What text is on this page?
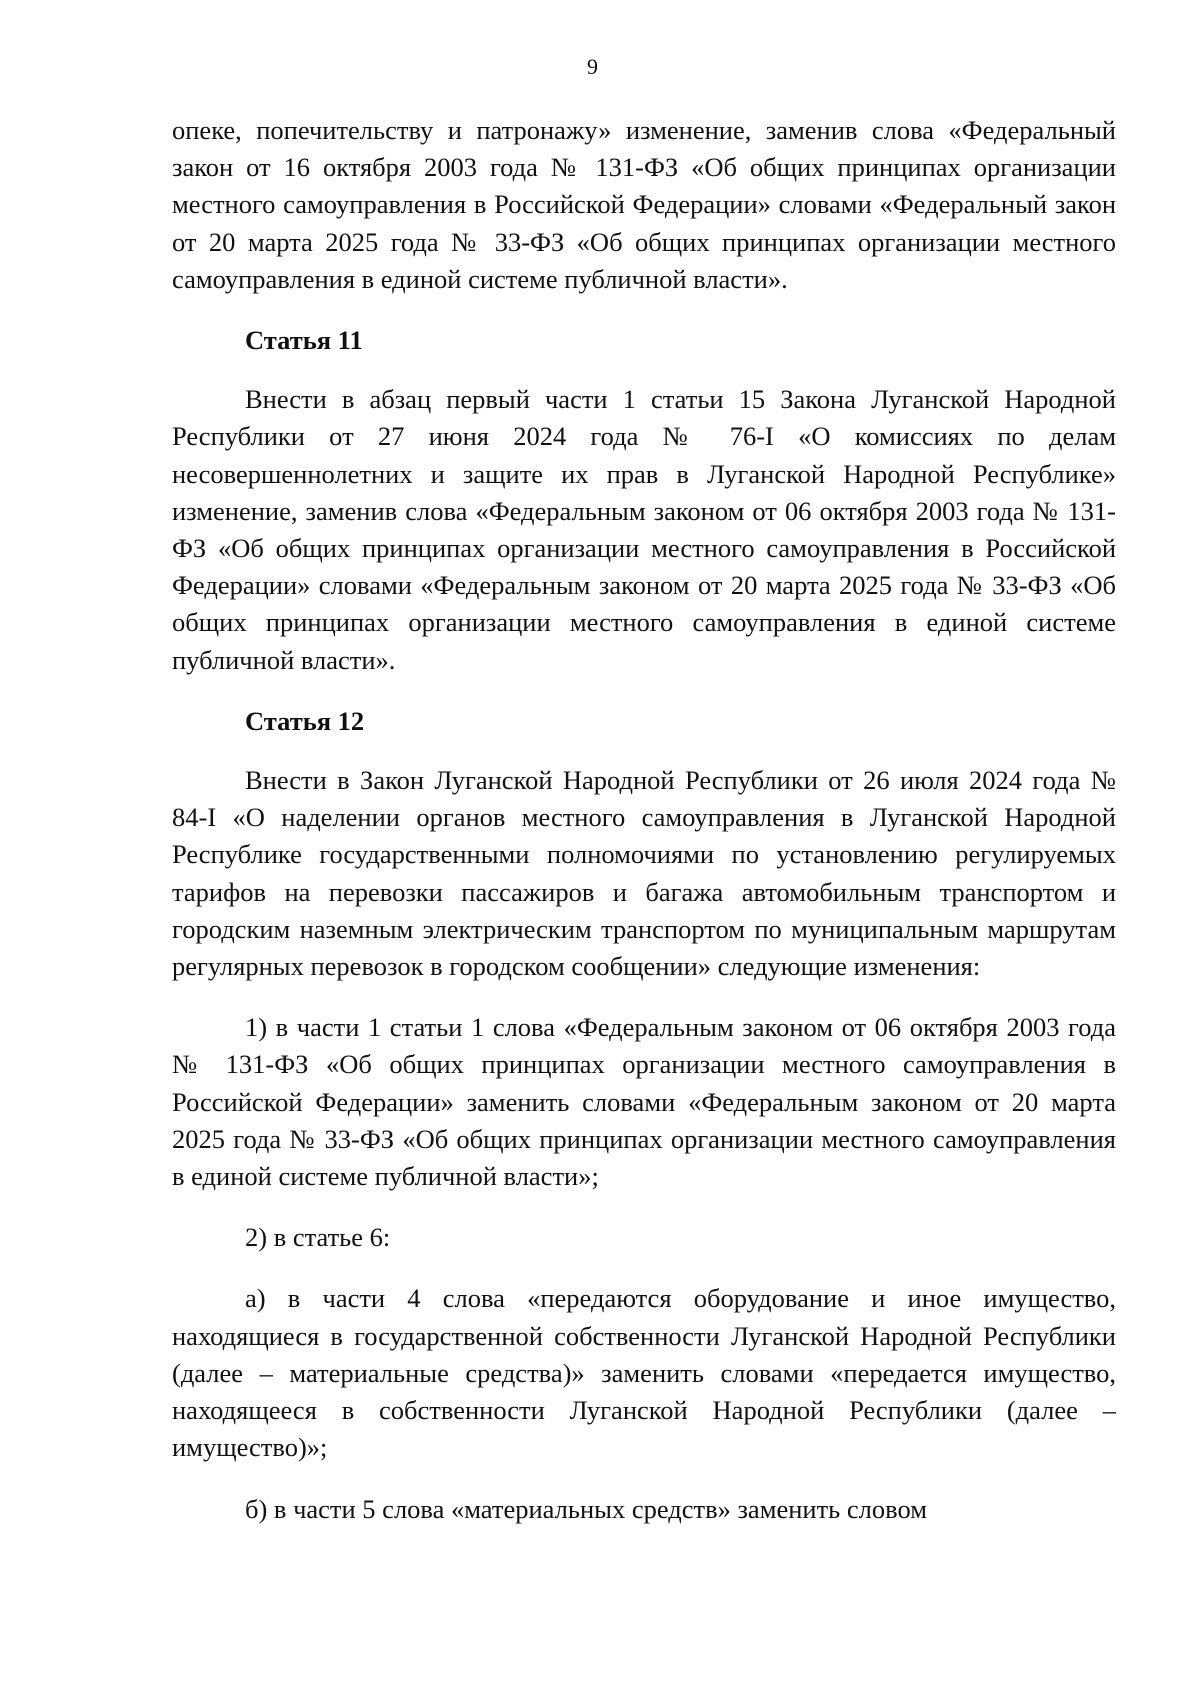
9

опеке, попечительству и патронажу» изменение, заменив слова «Федеральный закон от 16 октября 2003 года № 131-ФЗ «Об общих принципах организации местного самоуправления в Российской Федерации» словами «Федеральный закон от 20 марта 2025 года № 33-ФЗ «Об общих принципах организации местного самоуправления в единой системе публичной власти».

Статья 11

Внести в абзац первый части 1 статьи 15 Закона Луганской Народной Республики от 27 июня 2024 года № 76-I «О комиссиях по делам несовершеннолетних и защите их прав в Луганской Народной Республике» изменение, заменив слова «Федеральным законом от 06 октября 2003 года № 131-ФЗ «Об общих принципах организации местного самоуправления в Российской Федерации» словами «Федеральным законом от 20 марта 2025 года № 33-ФЗ «Об общих принципах организации местного самоуправления в единой системе публичной власти».

Статья 12

Внести в Закон Луганской Народной Республики от 26 июля 2024 года № 84-I «О наделении органов местного самоуправления в Луганской Народной Республике государственными полномочиями по установлению регулируемых тарифов на перевозки пассажиров и багажа автомобильным транспортом и городским наземным электрическим транспортом по муниципальным маршрутам регулярных перевозок в городском сообщении» следующие изменения:

1) в части 1 статьи 1 слова «Федеральным законом от 06 октября 2003 года № 131-ФЗ «Об общих принципах организации местного самоуправления в Российской Федерации» заменить словами «Федеральным законом от 20 марта 2025 года № 33-ФЗ «Об общих принципах организации местного самоуправления в единой системе публичной власти»;

2) в статье 6:

а) в части 4 слова «передаются оборудование и иное имущество, находящиеся в государственной собственности Луганской Народной Республики (далее – материальные средства)» заменить словами «передается имущество, находящееся в собственности Луганской Народной Республики (далее – имущество)»;

б) в части 5 слова «материальных средств» заменить словом
